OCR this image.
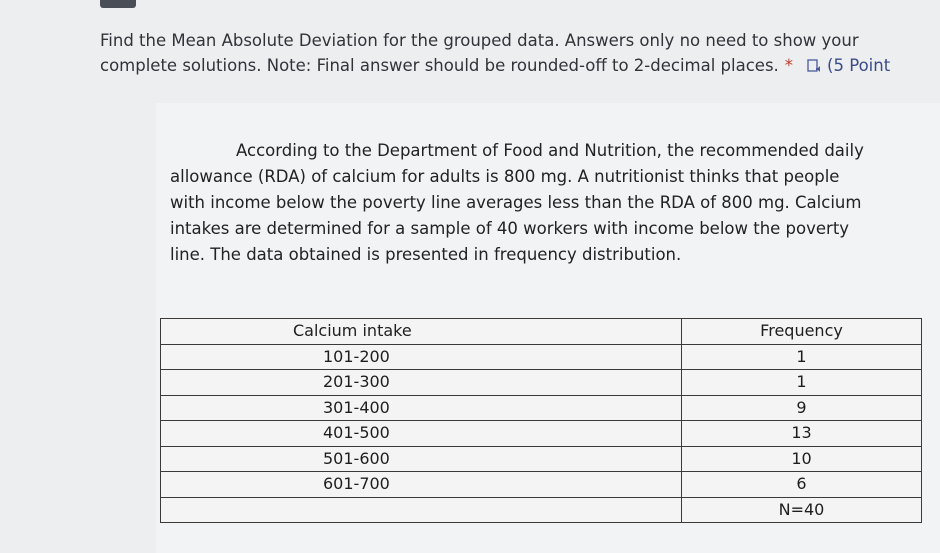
Find the Mean Absolute Deviation for the grouped data. Answers only no need to show your
complete solutions. Note: Final answer should be rounded-off to 2-decimal places. * (5 Point
According to the Department of Food and Nutrition, the recommended daily
allowance (RDA) of calcium for adults is 800 mg. A nutritionist thinks that people
with income below the poverty line averages less than the RDA of 800 mg. Calcium
intakes are determined for a sample of 40 workers with income below the poverty
line. The data obtained is presented in frequency distribution.
Calcium intake	Frequency
101-200	1
201-300	1
301-400	9
401-500	13
501-600	10
601-700	6
	N=40
